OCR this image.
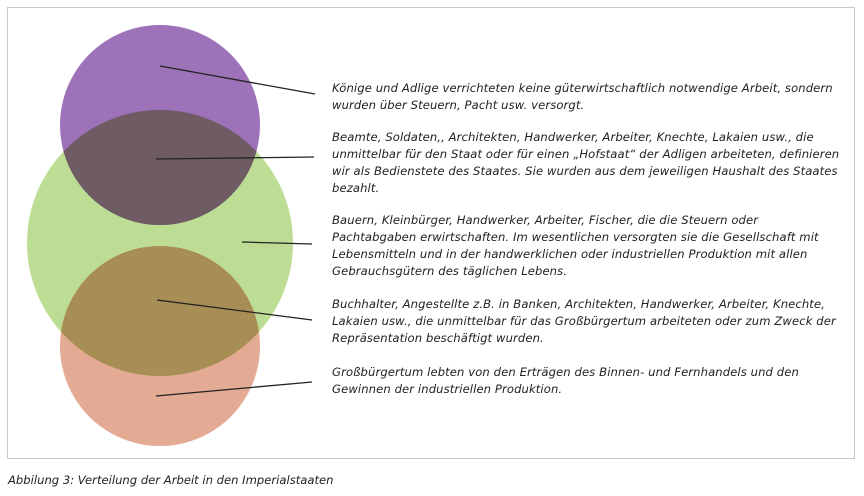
Könige und Adlige verrichteten keine güterwirtschaftlich notwendige Arbeit, sondern wurden über Steuern, Pacht usw. versorgt.
Beamte, Soldaten,, Architekten, Handwerker, Arbeiter, Knechte, Lakaien usw., die unmittelbar für den Staat oder für einen „Hofstaat“ der Adligen arbeiteten, definieren wir als Bedienstete des Staates. Sie wurden aus dem jeweiligen Haushalt des Staates bezahlt.
Bauern, Kleinbürger, Handwerker, Arbeiter, Fischer, die die Steuern oder Pachtabgaben erwirtschaften. Im wesentlichen versorgten sie die Gesellschaft mit Lebensmitteln und in der handwerklichen oder industriellen Produktion mit allen Gebrauchsgütern des täglichen Lebens.
Buchhalter, Angestellte z.B. in Banken, Architekten, Handwerker, Arbeiter, Knechte, Lakaien usw., die unmittelbar für das Großbürgertum arbeiteten oder zum Zweck der Repräsentation beschäftigt wurden.
Großbürgertum lebten von den Erträgen des Binnen- und Fernhandels und den Gewinnen der industriellen Produktion.
Abbilung 3: Verteilung der Arbeit in den Imperialstaaten
